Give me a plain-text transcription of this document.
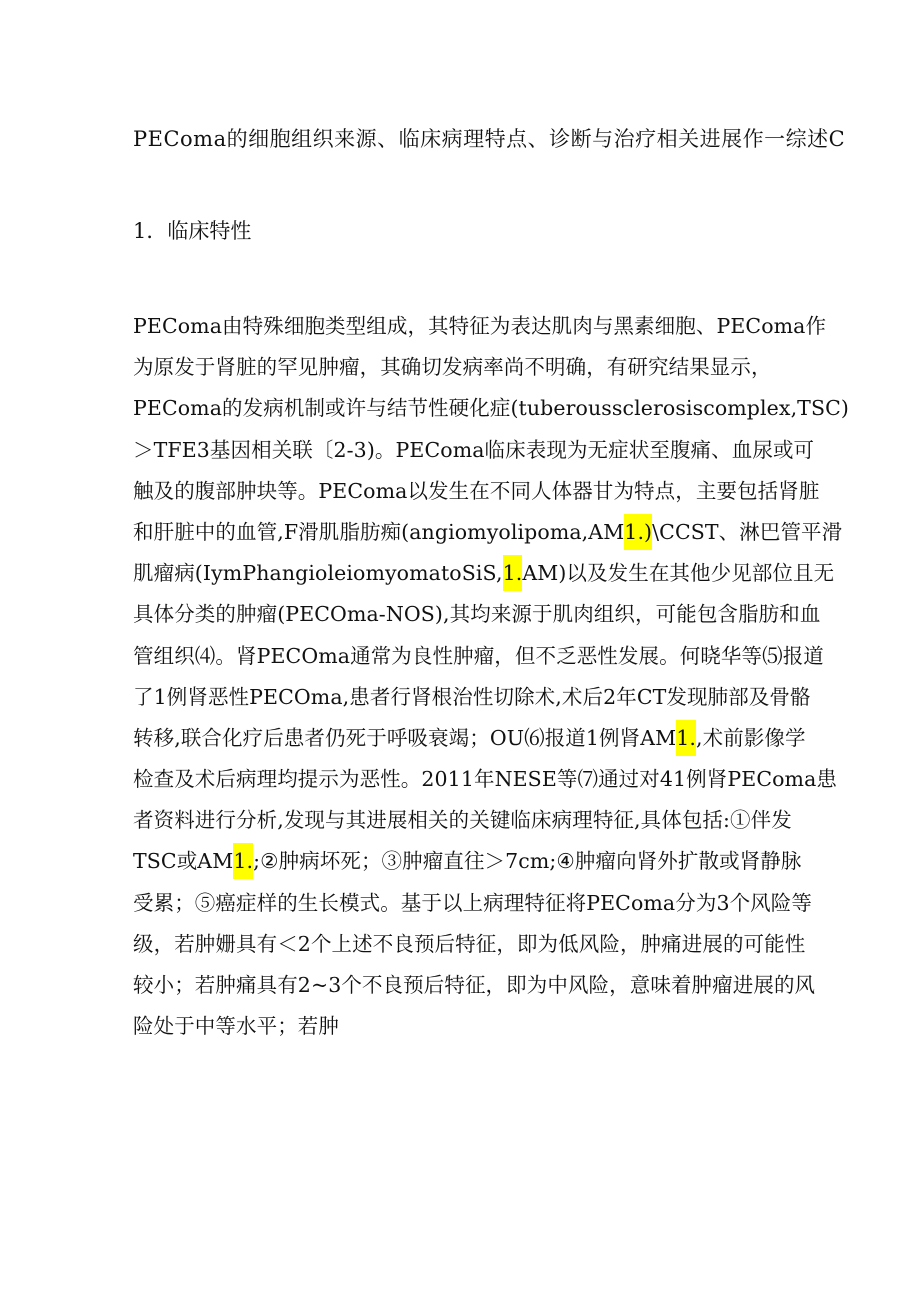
PEComa的细胞组织来源、临床病理特点、诊断与治疗相关进展作一综述C
1．临床特性
PEComa由特殊细胞类型组成，其特征为表达肌肉与黑素细胞、PEComa作
为原发于肾脏的罕见肿瘤，其确切发病率尚不明确，有研究结果显示，
PEComa的发病机制或许与结节性硬化症(tuberoussclerosiscomplex,TSC)
＞TFE3基因相关联〔2-3)。PEComa临床表现为无症状至腹痛、血尿或可
触及的腹部肿块等。PEComa以发生在不同人体器甘为特点，主要包括肾脏
和肝脏中的血管,F滑肌脂肪痴(angiomyolipoma,AM1.)\CCST、淋巴管平滑
肌瘤病(IymPhangioleiomyomatoSiS,1.AM)以及发生在其他少见部位且无
具体分类的肿瘤(PECOma-NOS),其均来源于肌肉组织，可能包含脂肪和血
管组织⑷。肾PECOma通常为良性肿瘤，但不乏恶性发展。何晓华等⑸报道
了1例肾恶性PECOma,患者行肾根治性切除术,术后2年CT发现肺部及骨骼
转移,联合化疗后患者仍死于呼吸衰竭；OU⑹报道1例肾AM1.,术前影像学
检查及术后病理均提示为恶性。2011年NESE等⑺通过对41例肾PEComa患
者资料进行分析,发现与其进展相关的关键临床病理特征,具体包括:①伴发
TSC或AM1.;②肿病坏死；③肿瘤直往＞7cm;④肿瘤向肾外扩散或肾静脉
受累；⑤癌症样的生长模式。基于以上病理特征将PEComa分为3个风险等
级，若肿姗具有＜2个上述不良预后特征，即为低风险，肿痛进展的可能性
较小；若肿痛具有2~3个不良预后特征，即为中风险，意味着肿瘤进展的风
险处于中等水平；若肿
